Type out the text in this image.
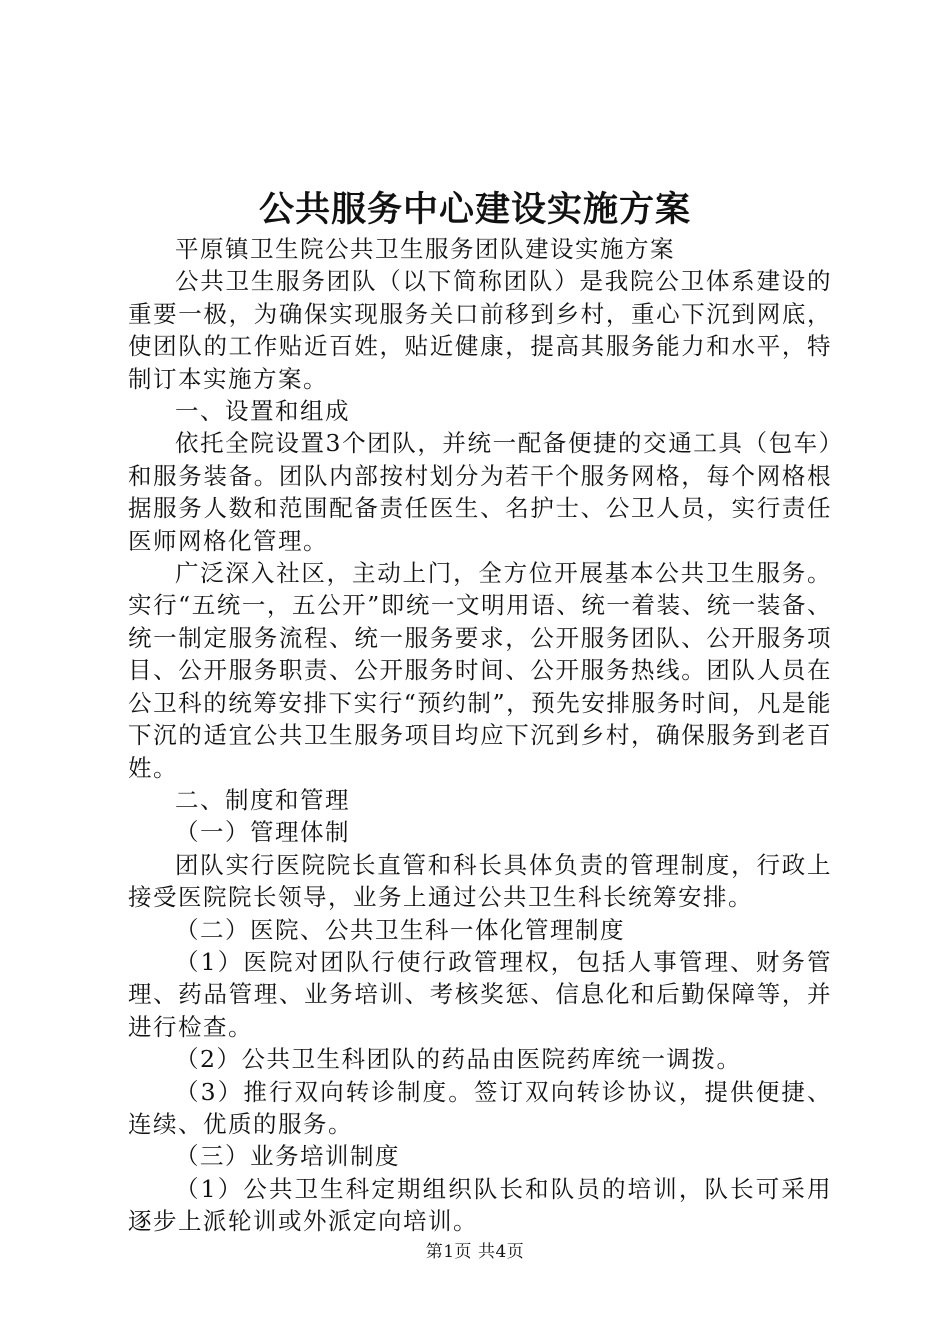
公共服务中心建设实施方案

平原镇卫生院公共卫生服务团队建设实施方案

公共卫生服务团队（以下简称团队）是我院公卫体系建设的重要一极，为确保实现服务关口前移到乡村，重心下沉到网底，使团队的工作贴近百姓，贴近健康，提高其服务能力和水平，特制订本实施方案。

一、设置和组成

依托全院设置3个团队，并统一配备便捷的交通工具（包车）和服务装备。团队内部按村划分为若干个服务网格，每个网格根据服务人数和范围配备责任医生、名护士、公卫人员，实行责任医师网格化管理。

广泛深入社区，主动上门，全方位开展基本公共卫生服务。实行“五统一，五公开”即统一文明用语、统一着装、统一装备、统一制定服务流程、统一服务要求，公开服务团队、公开服务项目、公开服务职责、公开服务时间、公开服务热线。团队人员在公卫科的统筹安排下实行“预约制”，预先安排服务时间，凡是能下沉的适宜公共卫生服务项目均应下沉到乡村，确保服务到老百姓。

二、制度和管理

（一）管理体制

团队实行医院院长直管和科长具体负责的管理制度，行政上接受医院院长领导，业务上通过公共卫生科长统筹安排。

（二）医院、公共卫生科一体化管理制度

（1）医院对团队行使行政管理权，包括人事管理、财务管理、药品管理、业务培训、考核奖惩、信息化和后勤保障等，并进行检查。

（2）公共卫生科团队的药品由医院药库统一调拨。

（3）推行双向转诊制度。签订双向转诊协议，提供便捷、连续、优质的服务。

（三）业务培训制度

（1）公共卫生科定期组织队长和队员的培训，队长可采用逐步上派轮训或外派定向培训。

第1页 共4页
